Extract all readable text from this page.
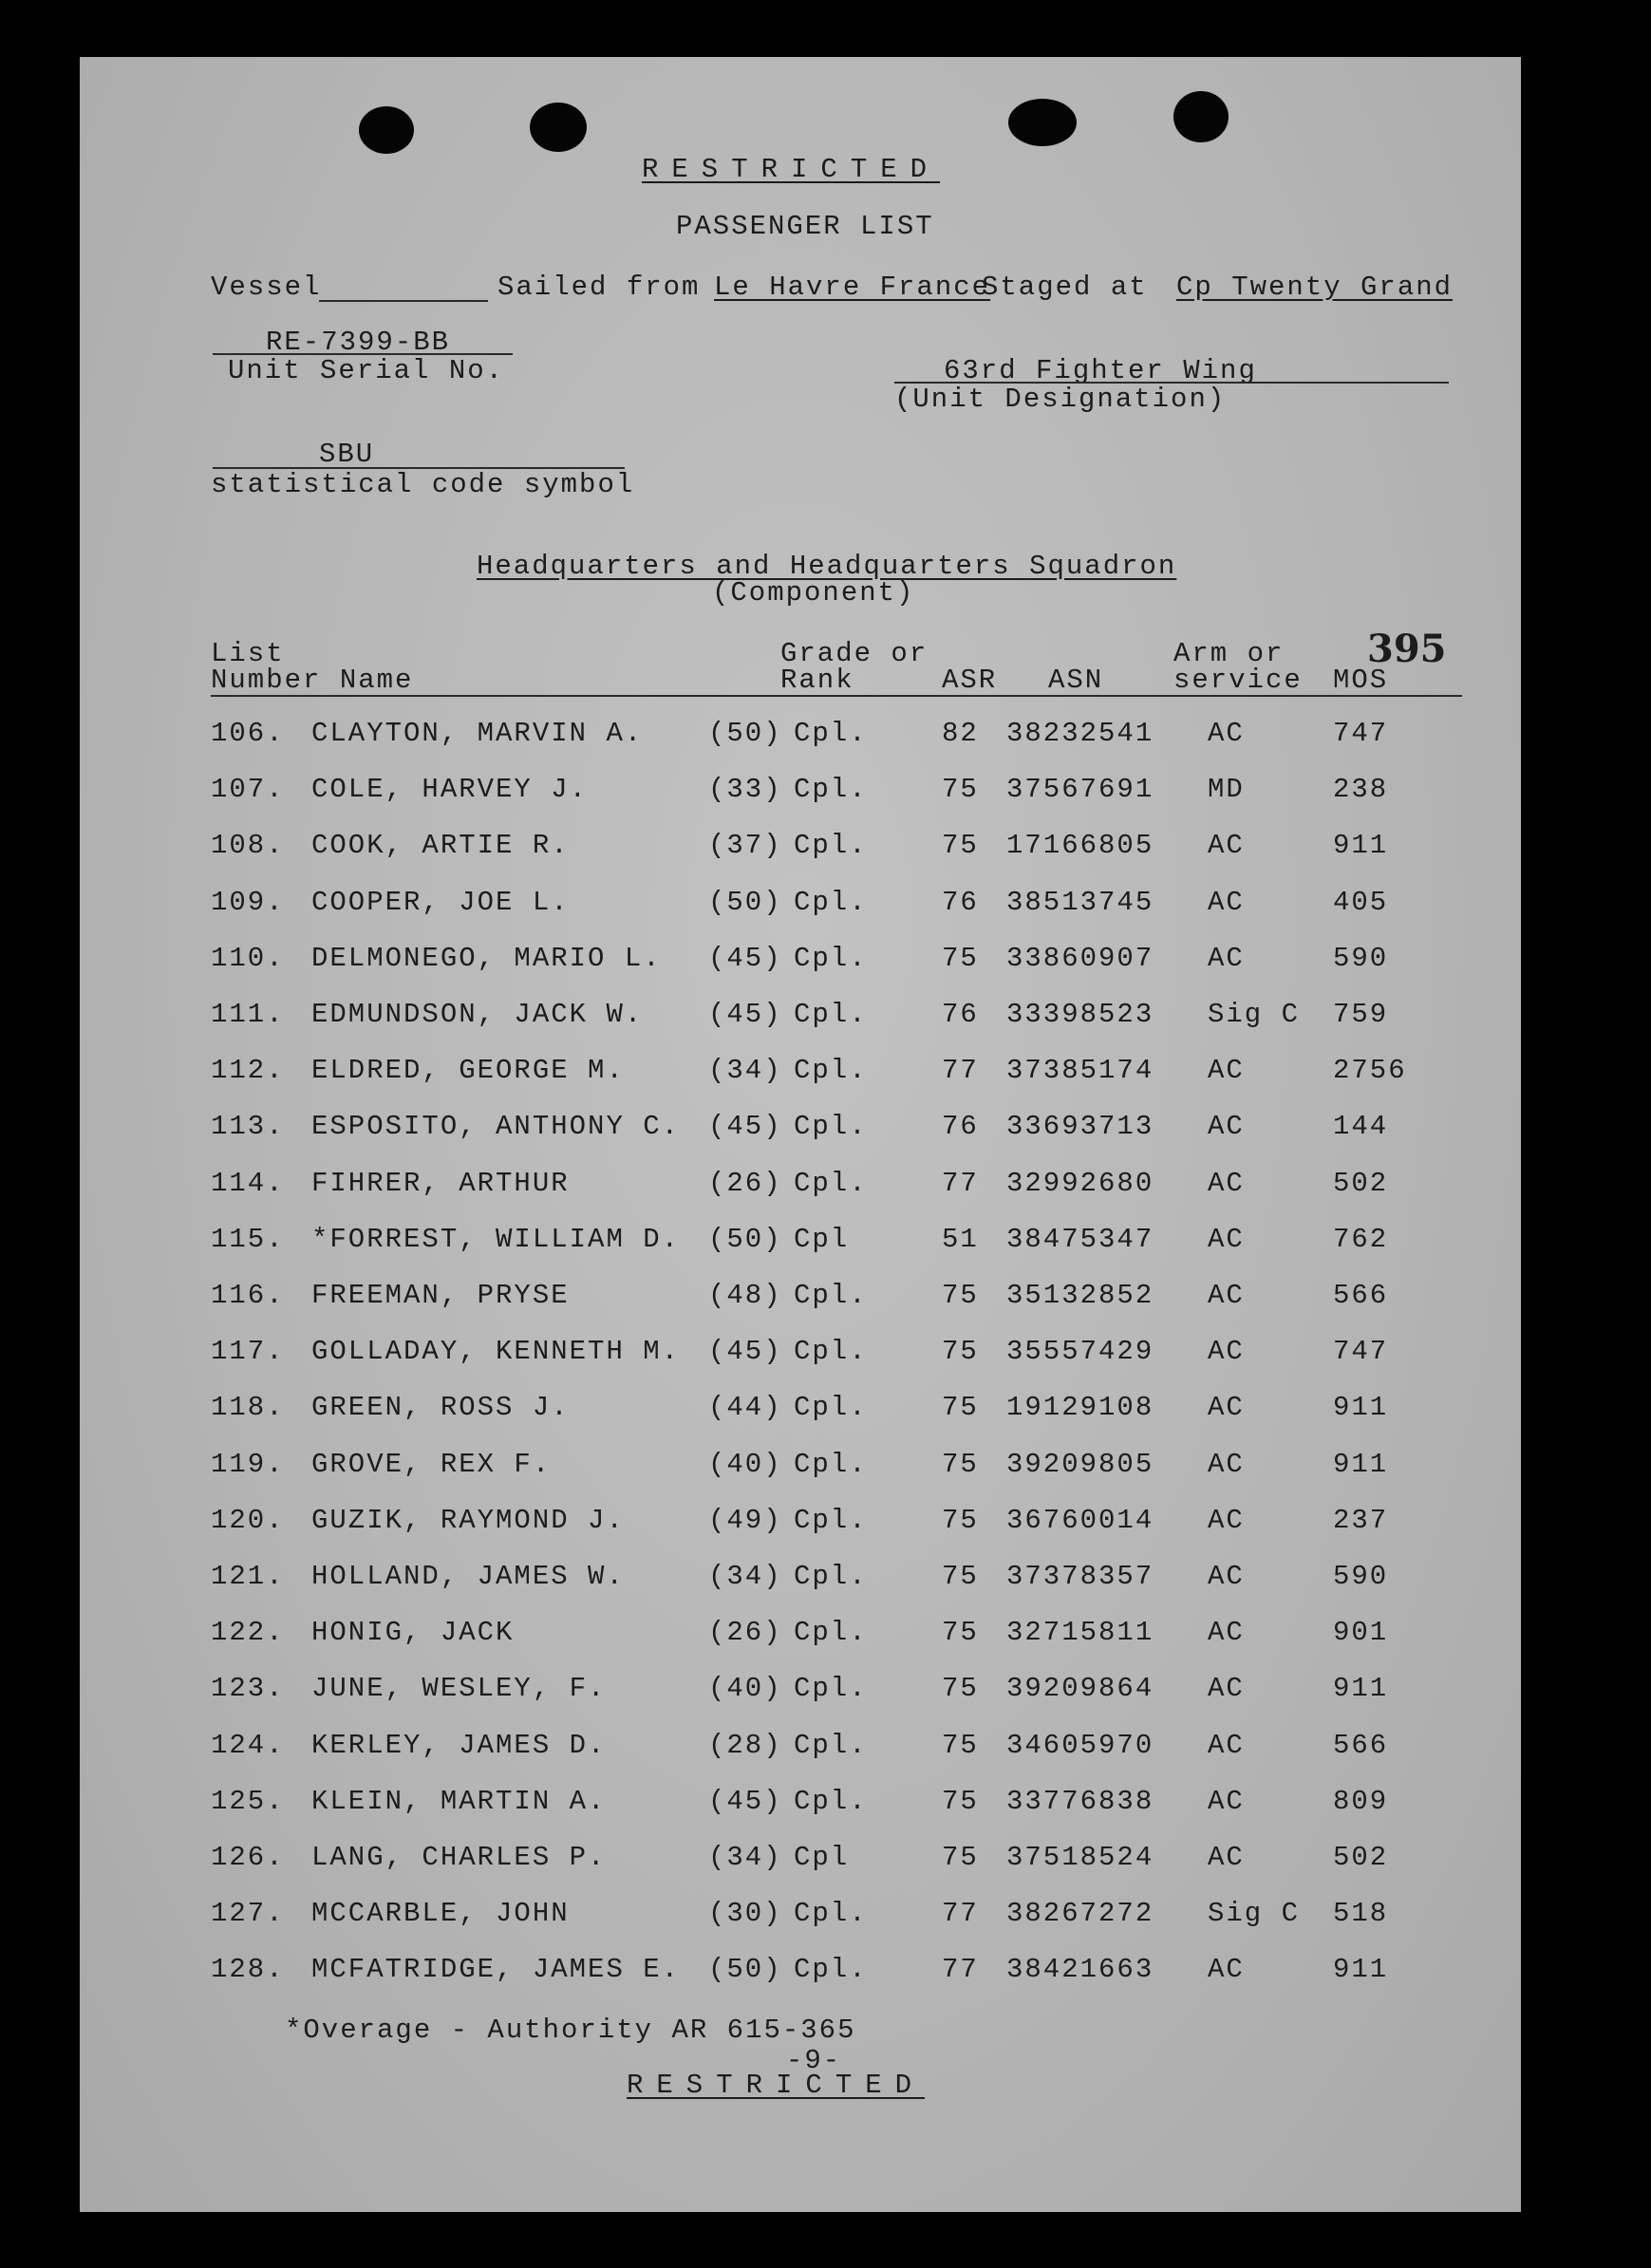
RESTRICTED
PASSENGER LIST
Vessel	Sailed from Le Havre France
Staged at Cp Twenty Grand
RE-7399-BB
Unit Serial No.	63rd Fighter Wing
(Unit Designation)
SBU
statistical code symbol
Headquarters and Headquarters Squadron
(Component)
List
Number Name
Grade or
Rank	ASR ASN
Arm or
service MOS
395
106. CLAYTON, MARVIN A. (50) Cpl.	82 38232541 AC	747
107. COLE, HARVEY J.	(33) Cpl.	75 37567691 MD	238
108. COOK, ARTIE R.	(37) Cpl.	75 17166805 AC	911
109. COOPER, JOE L.	(50) Cpl.	76 38513745 AC	405
110. DELMONEGO, MARIO L. (45) Cpl.	75 33860907 AC	590
111. EDMUNDSON, JACK W. (45) Cpl.	76 33398523 Sig C 759
112. ELDRED, GEORGE M.	(34) Cpl.	77 37385174 AC	2756
113. ESPOSITO, ANTHONY C. (45) Cpl.	76 33693713 AC	144
114. FIHRER, ARTHUR	(26) Cpl.	77 32992680 AC	502
115. *FORREST, WILLIAM D. (50) Cpl	51 38475347 AC	762
116. FREEMAN, PRYSE	(48) Cpl.	75 35132852 AC	566
117. GOLLADAY, KENNETH M. (45) Cpl.	75 35557429 AC	747
118. GREEN, ROSS J.	(44) Cpl.	75 19129108 AC	911
119. GROVE, REX F.	(40) Cpl.	75 39209805 AC	911
120. GUZIK, RAYMOND J.	(49) Cpl.	75 36760014 AC	237
121. HOLLAND, JAMES W.	(34) Cpl.	75 37378357 AC	590
122. HONIG, JACK	(26) Cpl.	75 32715811 AC	901
123. JUNE, WESLEY, F.	(40) Cpl.	75 39209864 AC	911
124. KERLEY, JAMES D.	(28) Cpl.	75 34605970 AC	566
125. KLEIN, MARTIN A.	(45) Cpl.	75 33776838 AC	809
126. LANG, CHARLES P.	(34) Cpl	75 37518524 AC	502
127. MCCARBLE, JOHN	(30) Cpl.	77 38267272 Sig C 518
128. MCFATRIDGE, JAMES E. (50) Cpl.	77 38421663 AC	911
*Overage - Authority AR 615-365
-9-
RESTRICTED
